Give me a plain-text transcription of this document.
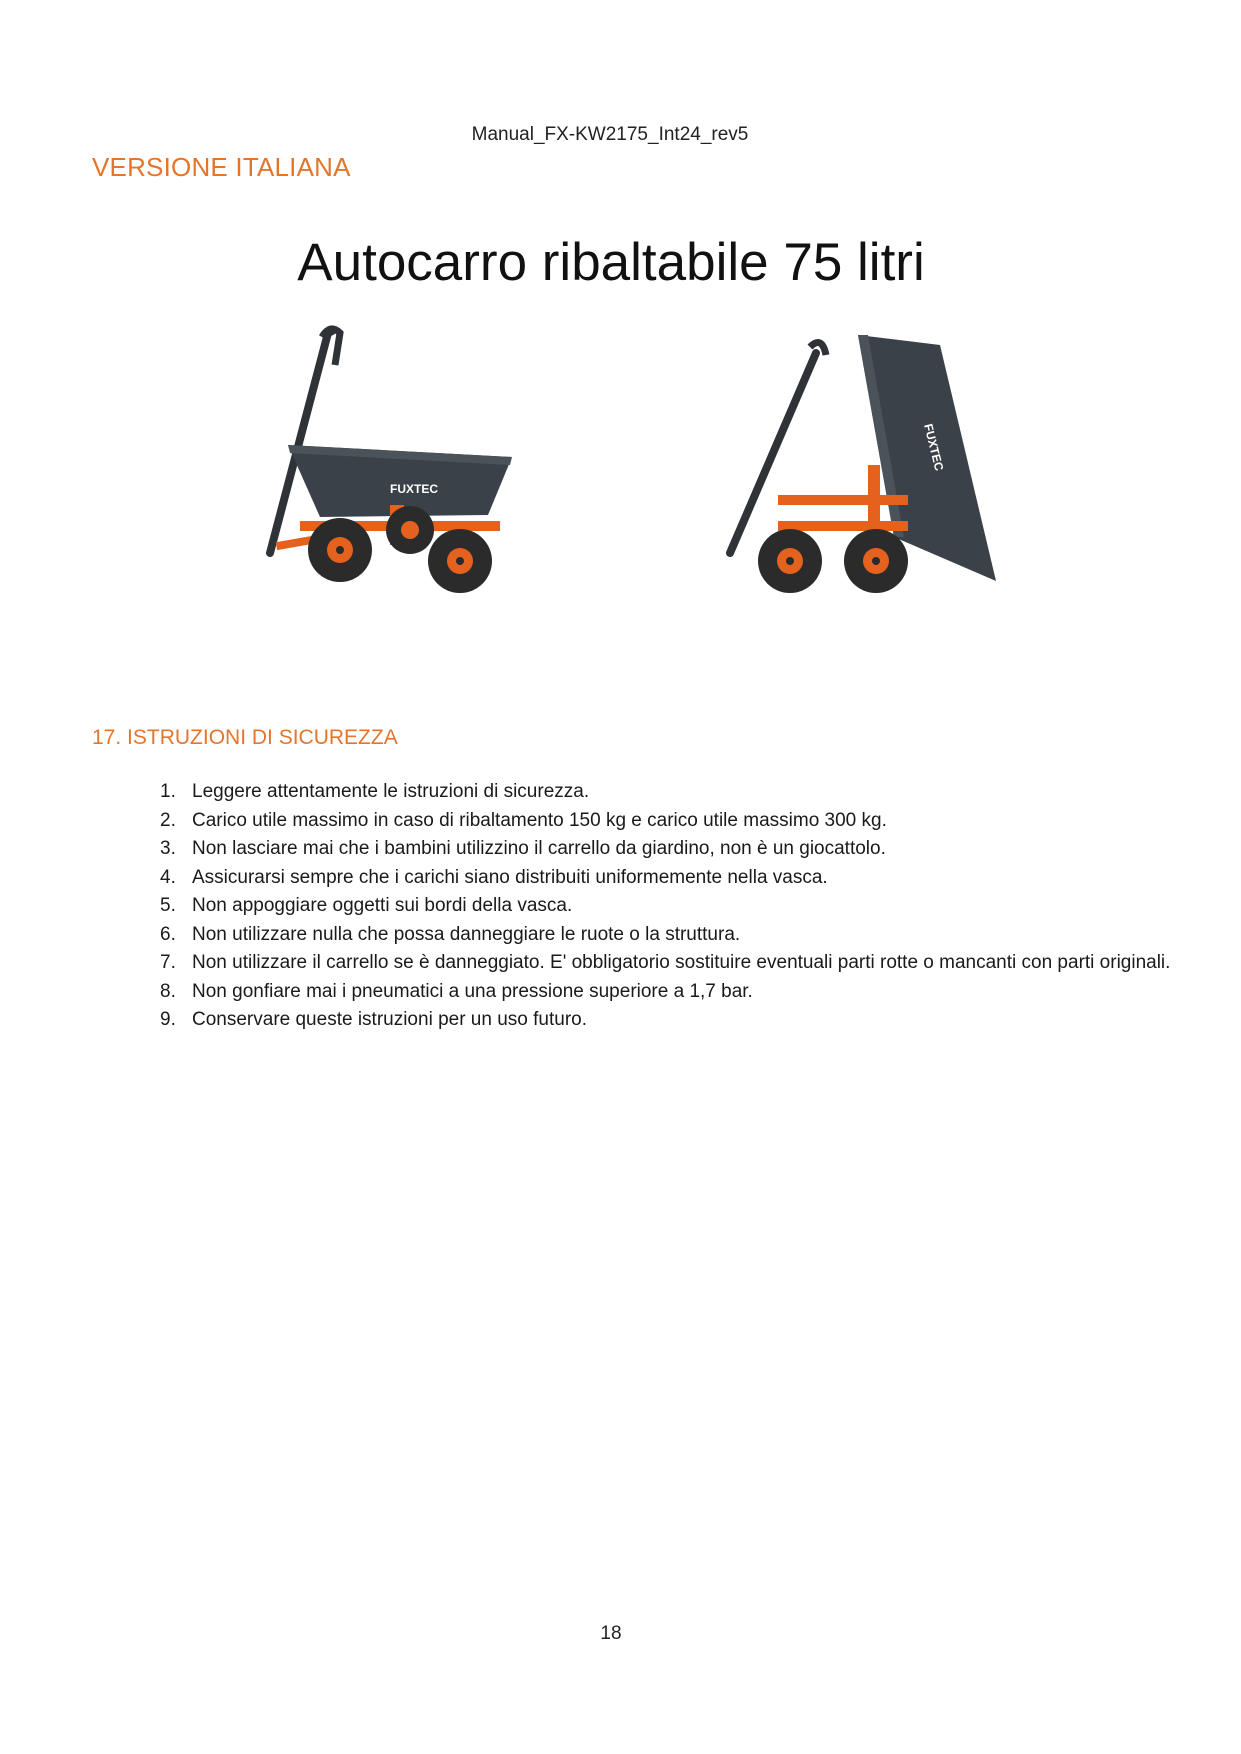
Manual_FX-KW2175_Int24_rev5
VERSIONE ITALIANA
Autocarro ribaltabile 75 litri
FUXTEC
FUXTEC
17. ISTRUZIONI DI SICUREZZA
1. Leggere attentamente le istruzioni di sicurezza.
2. Carico utile massimo in caso di ribaltamento 150 kg e carico utile massimo 300 kg.
3. Non lasciare mai che i bambini utilizzino il carrello da giardino, non è un giocattolo.
4. Assicurarsi sempre che i carichi siano distribuiti uniformemente nella vasca.
5. Non appoggiare oggetti sui bordi della vasca.
6. Non utilizzare nulla che possa danneggiare le ruote o la struttura.
7. Non utilizzare il carrello se è danneggiato. E' obbligatorio sostituire eventuali parti rotte o mancanti con parti originali.
8. Non gonfiare mai i pneumatici a una pressione superiore a 1,7 bar.
9. Conservare queste istruzioni per un uso futuro.
18
